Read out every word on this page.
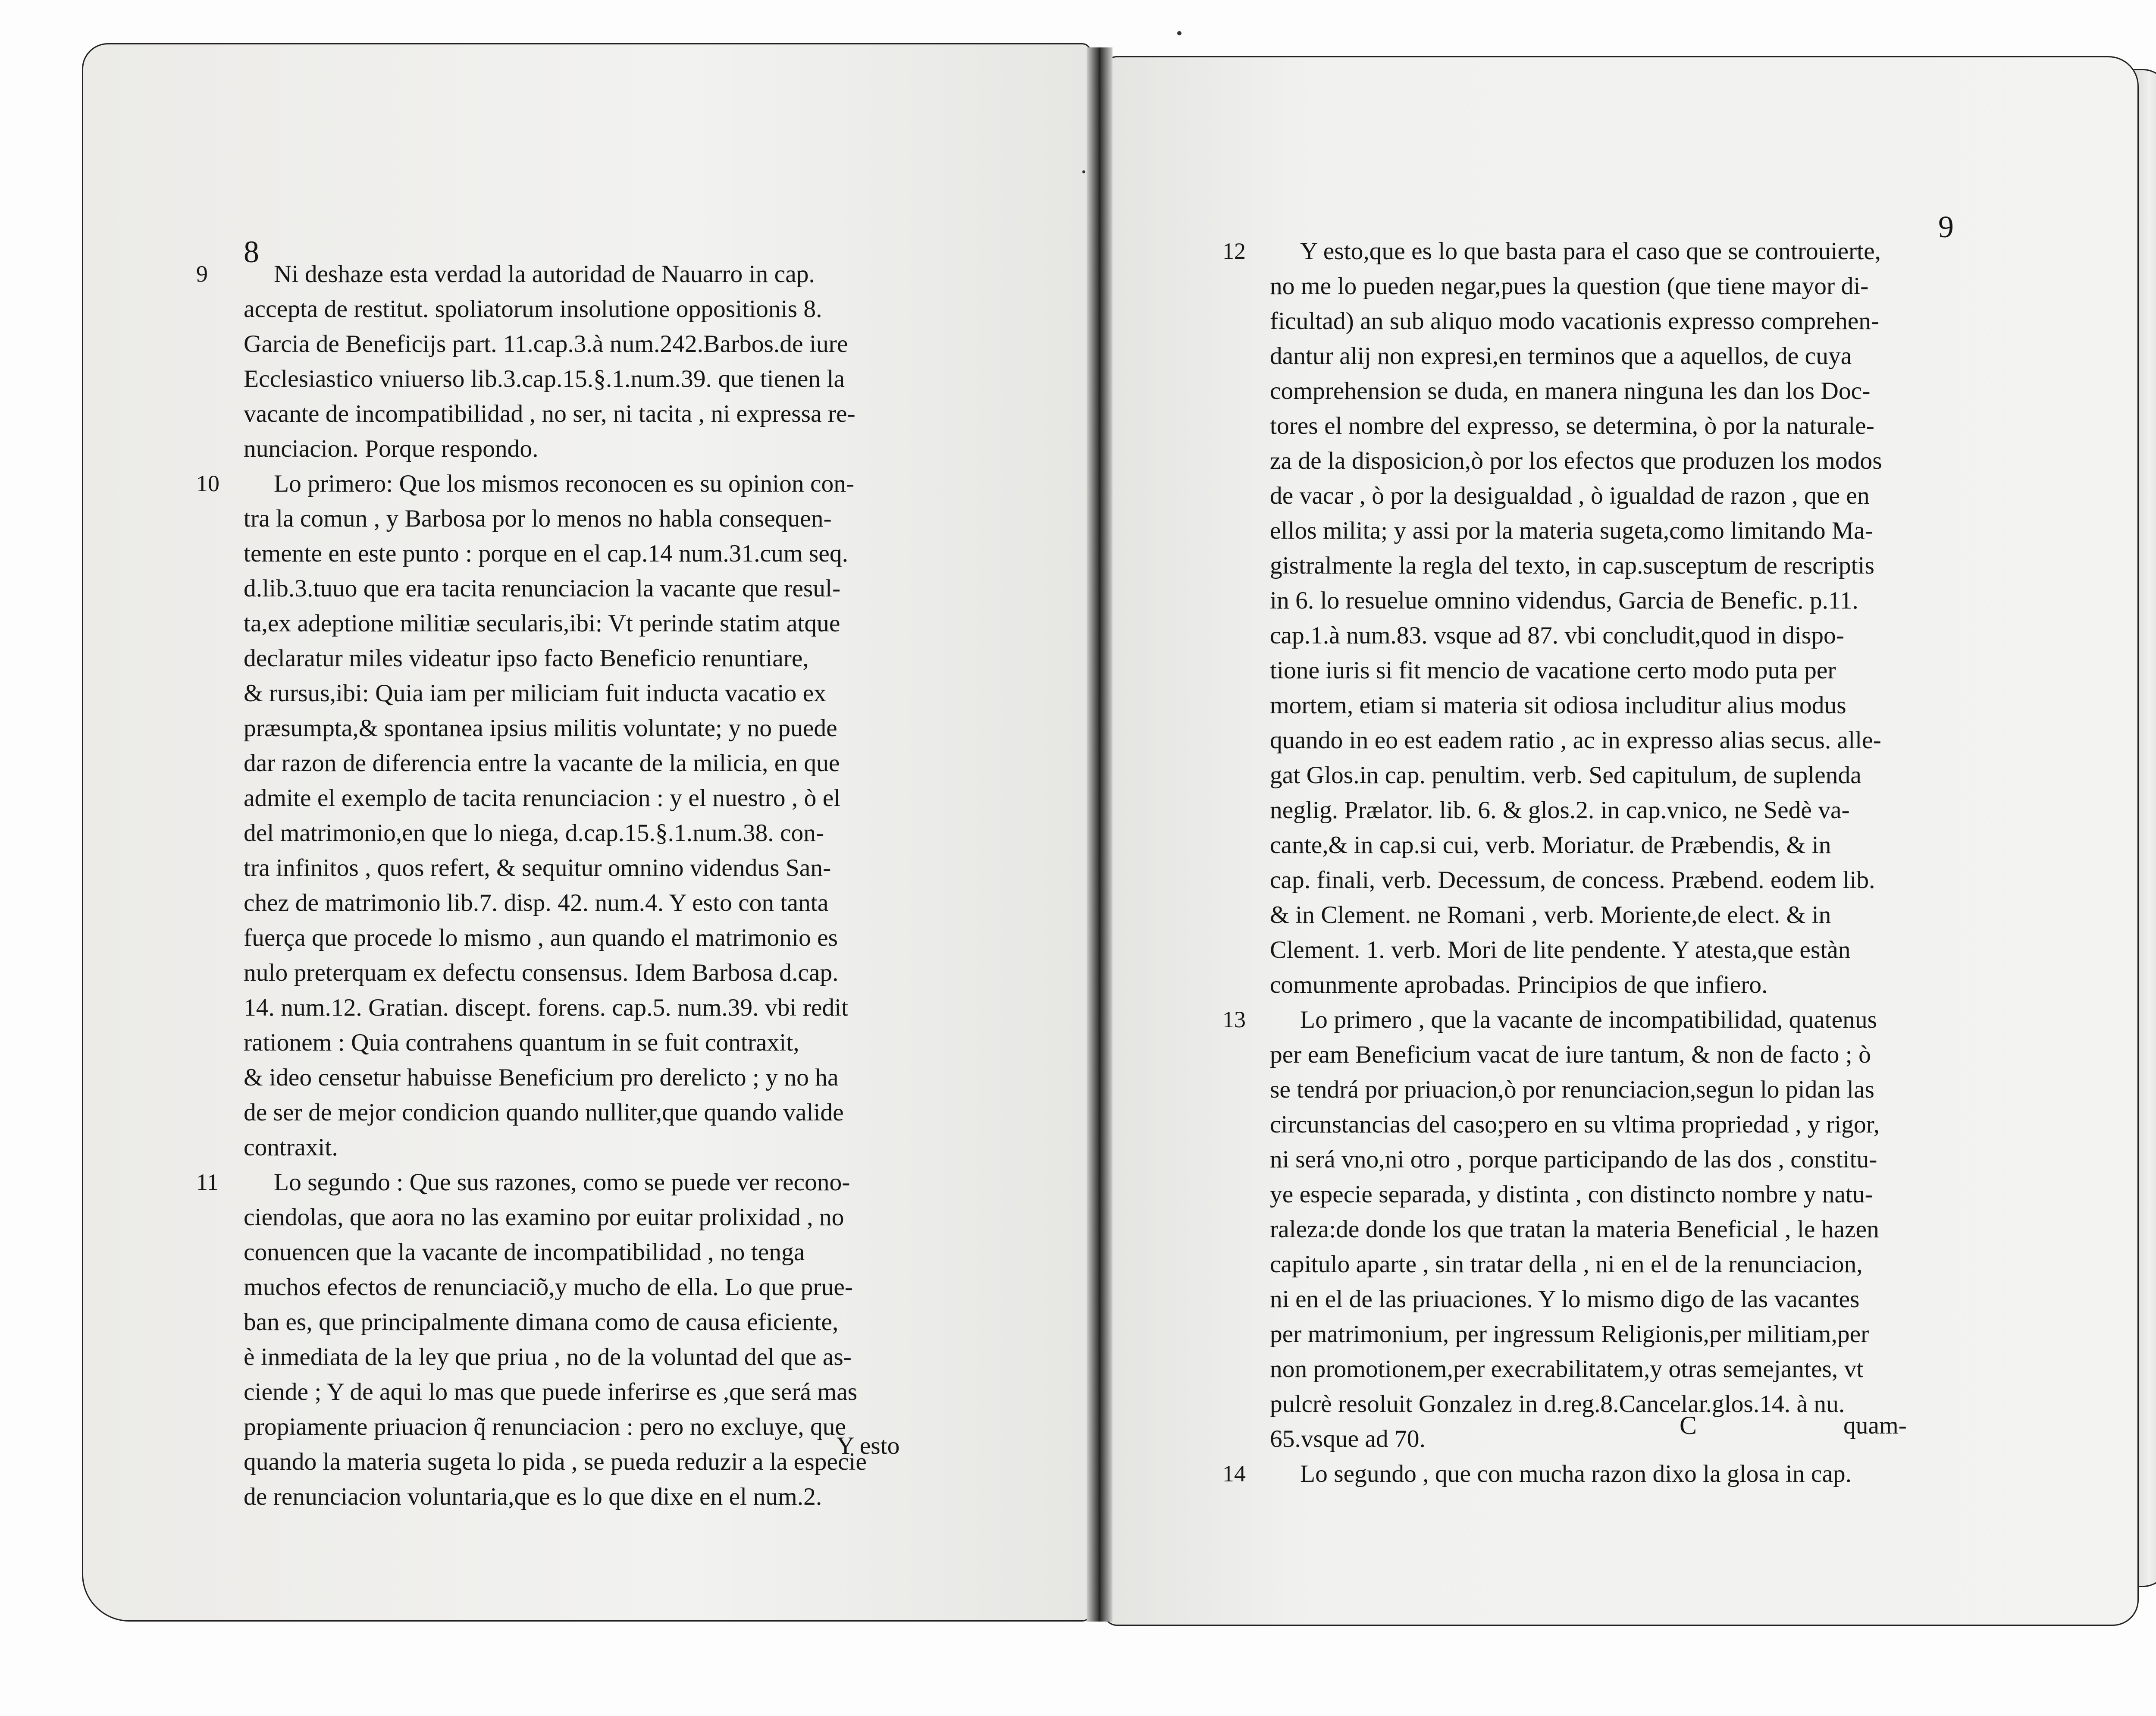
8
9	Ni deshaze esta verdad la autoridad de Nauarro in cap.
accepta de restitut. spoliatorum insolutione oppositionis 8.
Garcia de Beneficijs part. 11.cap.3.à num.242.Barbos.de iure
Ecclesiastico vniuerso lib.3.cap.15.§.1.num.39. que tienen la
vacante de incompatibilidad , no ser, ni tacita , ni expressa re-
nunciacion. Porque respondo.
10	Lo primero: Que los mismos reconocen es su opinion con-
tra la comun , y Barbosa por lo menos no habla consequen-
temente en este punto : porque en el cap.14 num.31.cum seq.
d.lib.3.tuuo que era tacita renunciacion la vacante que resul-
ta,ex adeptione militiæ secularis,ibi: Vt perinde statim atque
declaratur miles videatur ipso facto Beneficio renuntiare,
& rursus,ibi: Quia iam per miliciam fuit inducta vacatio ex
præsumpta,& spontanea ipsius militis voluntate; y no puede
dar razon de diferencia entre la vacante de la milicia, en que
admite el exemplo de tacita renunciacion : y el nuestro , ò el
del matrimonio,en que lo niega, d.cap.15.§.1.num.38. con-
tra infinitos , quos refert, & sequitur omnino videndus San-
chez de matrimonio lib.7. disp. 42. num.4. Y esto con tanta
fuerça que procede lo mismo , aun quando el matrimonio es
nulo preterquam ex defectu consensus. Idem Barbosa d.cap.
14. num.12. Gratian. discept. forens. cap.5. num.39. vbi redit
rationem : Quia contrahens quantum in se fuit contraxit,
& ideo censetur habuisse Beneficium pro derelicto ; y no ha
de ser de mejor condicion quando nulliter,que quando valide
contraxit.
11	Lo segundo : Que sus razones, como se puede ver recono-
ciendolas, que aora no las examino por euitar prolixidad , no
conuencen que la vacante de incompatibilidad , no tenga
muchos efectos de renunciaciõ,y mucho de ella. Lo que prue-
ban es, que principalmente dimana como de causa eficiente,
è inmediata de la ley que priua , no de la voluntad del que as-
ciende ; Y de aqui lo mas que puede inferirse es ,que será mas
propiamente priuacion q̃ renunciacion : pero no excluye, que
quando la materia sugeta lo pida , se pueda reduzir a la especie
de renunciacion voluntaria,que es lo que dixe en el num.2.
Y esto
9
12	Y esto,que es lo que basta para el caso que se controuierte,
no me lo pueden negar,pues la question (que tiene mayor di-
ficultad) an sub aliquo modo vacationis expresso comprehen-
dantur alij non expresi,en terminos que a aquellos, de cuya
comprehension se duda, en manera ninguna les dan los Doc-
tores el nombre del expresso, se determina, ò por la naturale-
za de la disposicion,ò por los efectos que produzen los modos
de vacar , ò por la desigualdad , ò igualdad de razon , que en
ellos milita; y assi por la materia sugeta,como limitando Ma-
gistralmente la regla del texto, in cap.susceptum de rescriptis
in 6. lo resuelue omnino videndus, Garcia de Benefic. p.11.
cap.1.à num.83. vsque ad 87. vbi concludit,quod in dispo-
tione iuris si fit mencio de vacatione certo modo puta per
mortem, etiam si materia sit odiosa includitur alius modus
quando in eo est eadem ratio , ac in expresso alias secus. alle-
gat Glos.in cap. penultim. verb. Sed capitulum, de suplenda
neglig. Prælator. lib. 6. & glos.2. in cap.vnico, ne Sedè va-
cante,& in cap.si cui, verb. Moriatur. de Præbendis, & in
cap. finali, verb. Decessum, de concess. Præbend. eodem lib.
& in Clement. ne Romani , verb. Moriente,de elect. & in
Clement. 1. verb. Mori de lite pendente. Y atesta,que estàn
comunmente aprobadas. Principios de que infiero.
13	Lo primero , que la vacante de incompatibilidad, quatenus
per eam Beneficium vacat de iure tantum, & non de facto ; ò
se tendrá por priuacion,ò por renunciacion,segun lo pidan las
circunstancias del caso;pero en su vltima propriedad , y rigor,
ni será vno,ni otro , porque participando de las dos , constitu-
ye especie separada, y distinta , con distincto nombre y natu-
raleza:de donde los que tratan la materia Beneficial , le hazen
capitulo aparte , sin tratar della , ni en el de la renunciacion,
ni en el de las priuaciones. Y lo mismo digo de las vacantes
per matrimonium, per ingressum Religionis,per militiam,per
non promotionem,per execrabilitatem,y otras semejantes, vt
pulcrè resoluit Gonzalez in d.reg.8.Cancelar.glos.14. à nu.
65.vsque ad 70.
14	Lo segundo , que con mucha razon dixo la glosa in cap.
C	quam-
